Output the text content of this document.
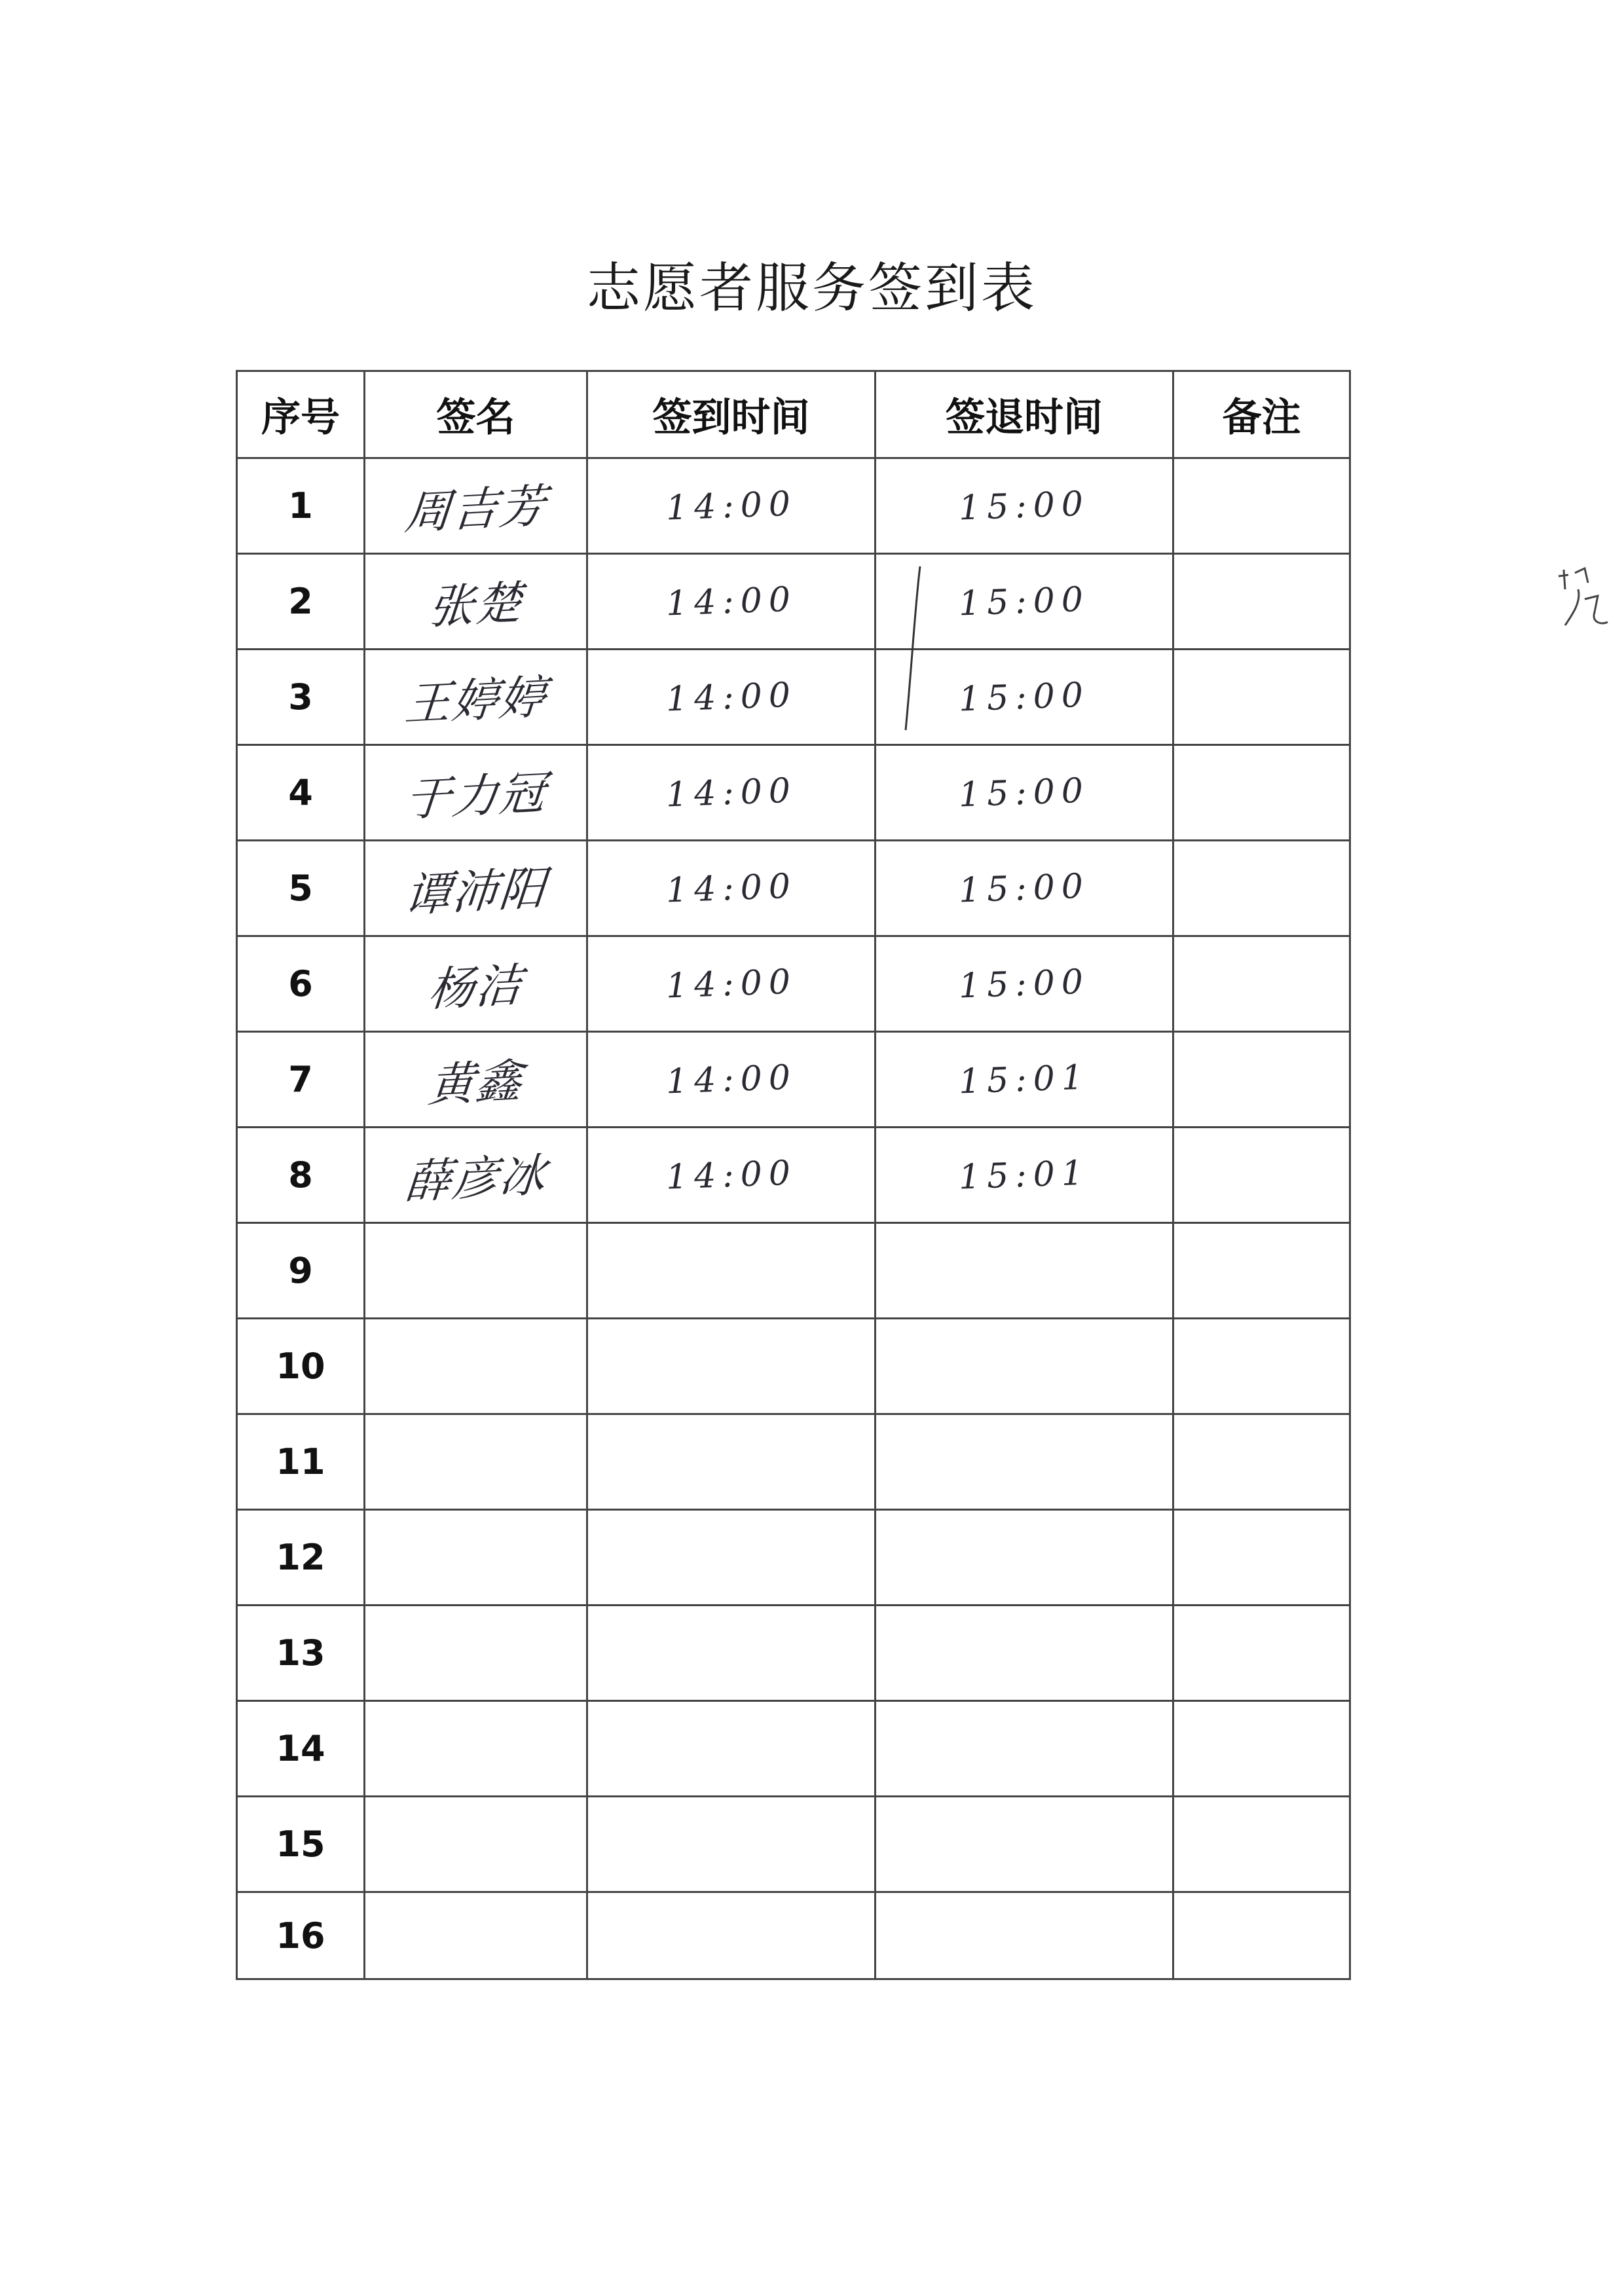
志愿者服务签到表
序号	签名	签到时间	签退时间	备注
1	周吉芳	14:00	15:00	
2	张楚	14:00	15:00	
3	王婷婷	14:00	15:00	
4	于力冠	14:00	15:00	
5	谭沛阳	14:00	15:00	
6	杨洁	14:00	15:00	
7	黄鑫	14:00	15:01	
8	薛彦冰	14:00	15:01	
9				
10				
11				
12				
13				
14				
15				
16				
